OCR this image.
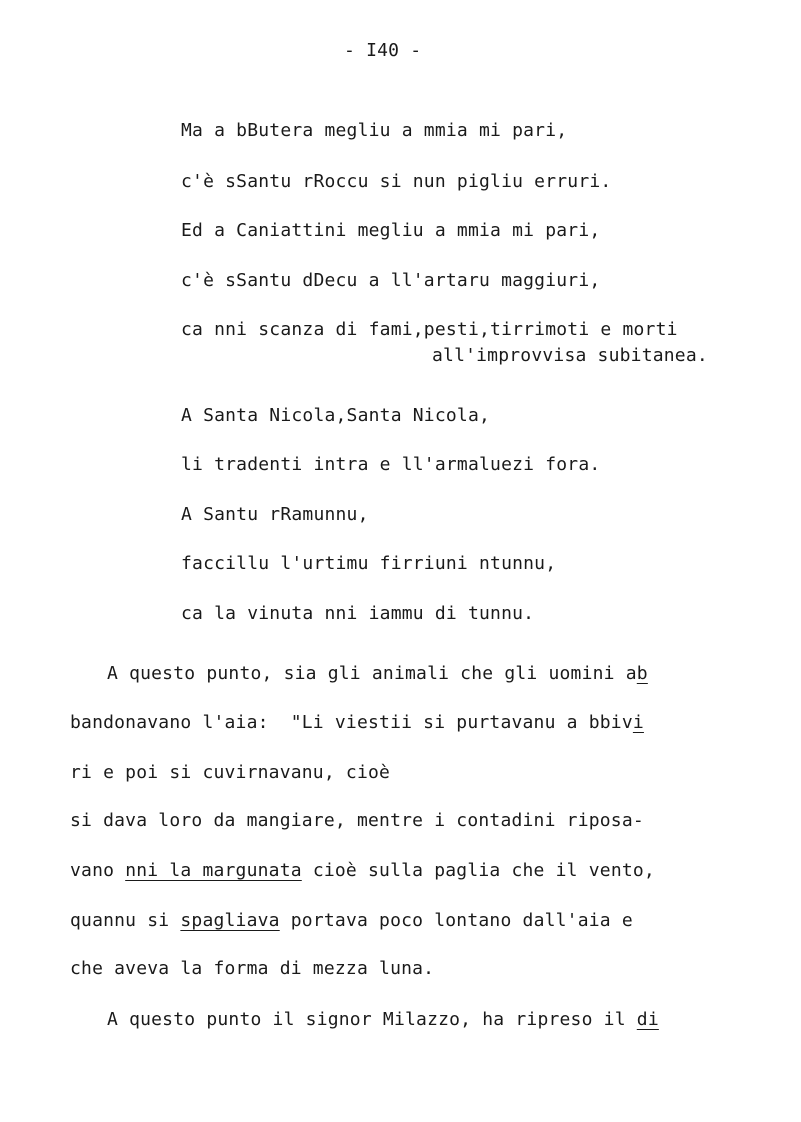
- I40 -
Ma a bButera megliu a mmia mi pari,
c'è sSantu rRoccu si nun pigliu erruri.
Ed a Caniattini megliu a mmia mi pari,
c'è sSantu dDecu a ll'artaru maggiuri,
ca nni scanza di fami,pesti,tirrimoti e morti
all'improvvisa subitanea.
A Santa Nicola,Santa Nicola,
li tradenti intra e ll'armaluezi fora.
A Santu rRamunnu,
faccillu l'urtimu firriuni ntunnu,
ca la vinuta nni iammu di tunnu.
A questo punto, sia gli animali che gli uomini ab
bandonavano l'aia:  "Li viestii si purtavanu a bbivi
ri e poi si cuvirnavanu, cioè
si dava loro da mangiare, mentre i contadini riposa-
vano nni la margunata cioè sulla paglia che il vento,
quannu si spagliava portava poco lontano dall'aia e
che aveva la forma di mezza luna.
A questo punto il signor Milazzo, ha ripreso il di
